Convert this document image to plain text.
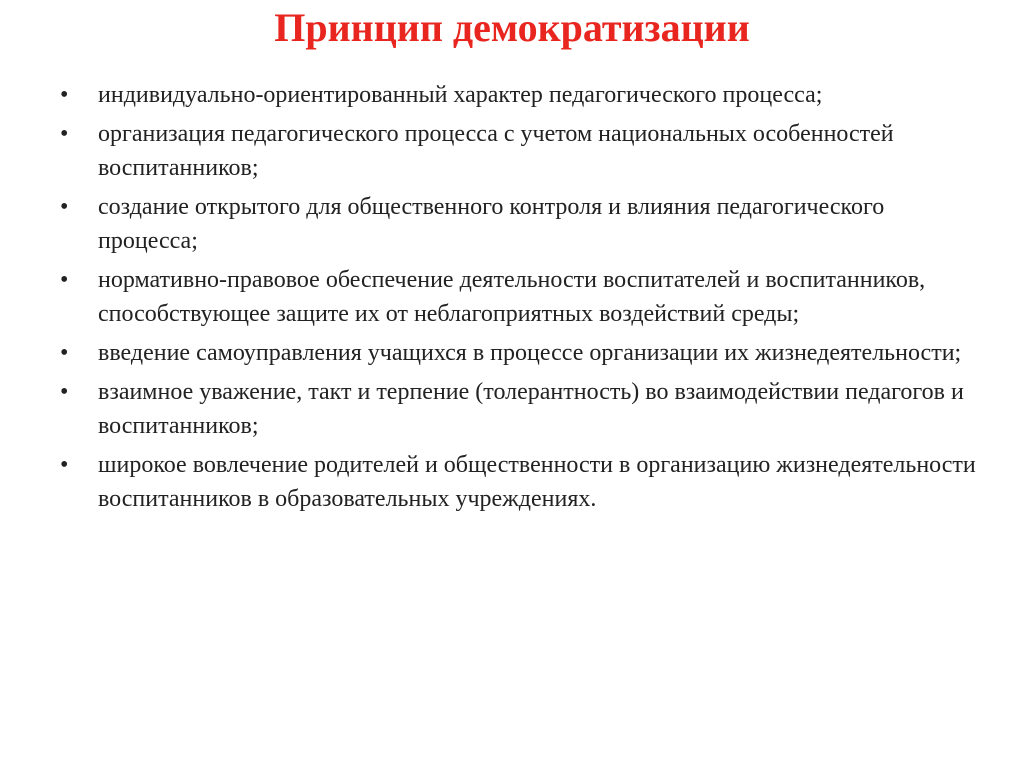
Принцип демократизации
•	индивидуально-ориентированный характер педагогического процесса;
•	организация педагогического процесса с учетом национальных особенностей воспитанников;
•	создание открытого для общественного контроля и влияния педагогического процесса;
•	нормативно-правовое обеспечение деятельности воспитателей и воспитанников, способствующее защите их от неблагоприятных воздействий среды;
•	введение самоуправления учащихся в процессе организации их жизнедеятельности;
•	взаимное уважение, такт и терпение (толерантность) во взаимодействии педагогов и воспитанников;
•	широкое вовлечение родителей и общественности в организацию жизнедеятельности воспитанников в образовательных учреждениях.
